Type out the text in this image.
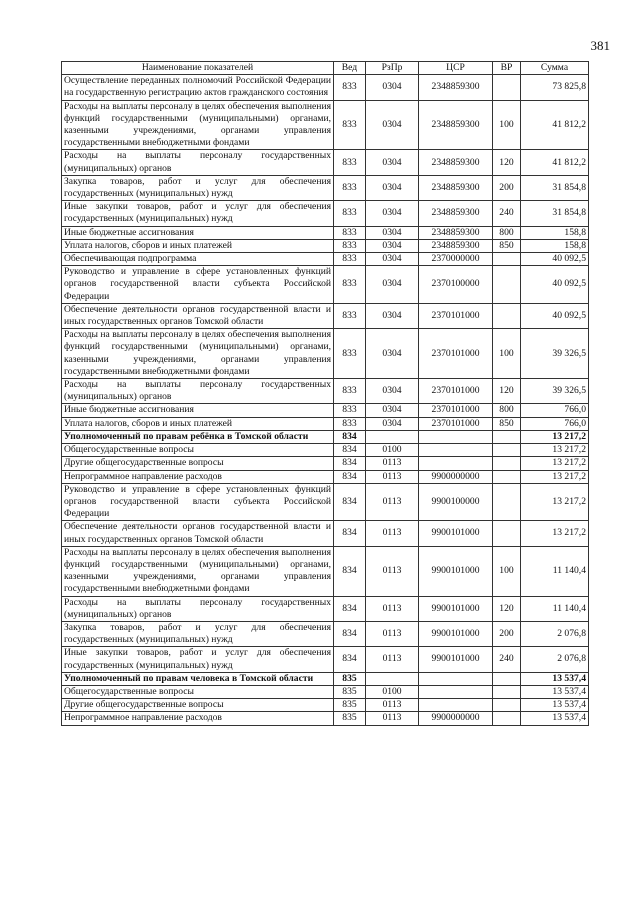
381
Наименование показателей	Вед	РзПр	ЦСР	ВР	Сумма
Осуществление переданных полномочий Российской Федерации на государственную регистрацию актов гражданского состояния	833	0304	2348859300		73 825,8
Расходы на выплаты персоналу в целях обеспечения выполнения функций государственными (муниципальными) органами, казенными учреждениями, органами управления государственными внебюджетными фондами	833	0304	2348859300	100	41 812,2
Расходы на выплаты персоналу государственных (муниципальных) органов	833	0304	2348859300	120	41 812,2
Закупка товаров, работ и услуг для обеспечения государственных (муниципальных) нужд	833	0304	2348859300	200	31 854,8
Иные закупки товаров, работ и услуг для обеспечения государственных (муниципальных) нужд	833	0304	2348859300	240	31 854,8
Иные бюджетные ассигнования	833	0304	2348859300	800	158,8
Уплата налогов, сборов и иных платежей	833	0304	2348859300	850	158,8
Обеспечивающая подпрограмма	833	0304	2370000000		40 092,5
Руководство и управление в сфере установленных функций органов государственной власти субъекта Российской Федерации	833	0304	2370100000		40 092,5
Обеспечение деятельности органов государственной власти и иных государственных органов Томской области	833	0304	2370101000		40 092,5
Расходы на выплаты персоналу в целях обеспечения выполнения функций государственными (муниципальными) органами, казенными учреждениями, органами управления государственными внебюджетными фондами	833	0304	2370101000	100	39 326,5
Расходы на выплаты персоналу государственных (муниципальных) органов	833	0304	2370101000	120	39 326,5
Иные бюджетные ассигнования	833	0304	2370101000	800	766,0
Уплата налогов, сборов и иных платежей	833	0304	2370101000	850	766,0
Уполномоченный по правам ребёнка в Томской области	834				13 217,2
Общегосударственные вопросы	834	0100			13 217,2
Другие общегосударственные вопросы	834	0113			13 217,2
Непрограммное направление расходов	834	0113	9900000000		13 217,2
Руководство и управление в сфере установленных функций органов государственной власти субъекта Российской Федерации	834	0113	9900100000		13 217,2
Обеспечение деятельности органов государственной власти и иных государственных органов Томской области	834	0113	9900101000		13 217,2
Расходы на выплаты персоналу в целях обеспечения выполнения функций государственными (муниципальными) органами, казенными учреждениями, органами управления государственными внебюджетными фондами	834	0113	9900101000	100	11 140,4
Расходы на выплаты персоналу государственных (муниципальных) органов	834	0113	9900101000	120	11 140,4
Закупка товаров, работ и услуг для обеспечения государственных (муниципальных) нужд	834	0113	9900101000	200	2 076,8
Иные закупки товаров, работ и услуг для обеспечения государственных (муниципальных) нужд	834	0113	9900101000	240	2 076,8
Уполномоченный по правам человека в Томской области	835				13 537,4
Общегосударственные вопросы	835	0100			13 537,4
Другие общегосударственные вопросы	835	0113			13 537,4
Непрограммное направление расходов	835	0113	9900000000		13 537,4
